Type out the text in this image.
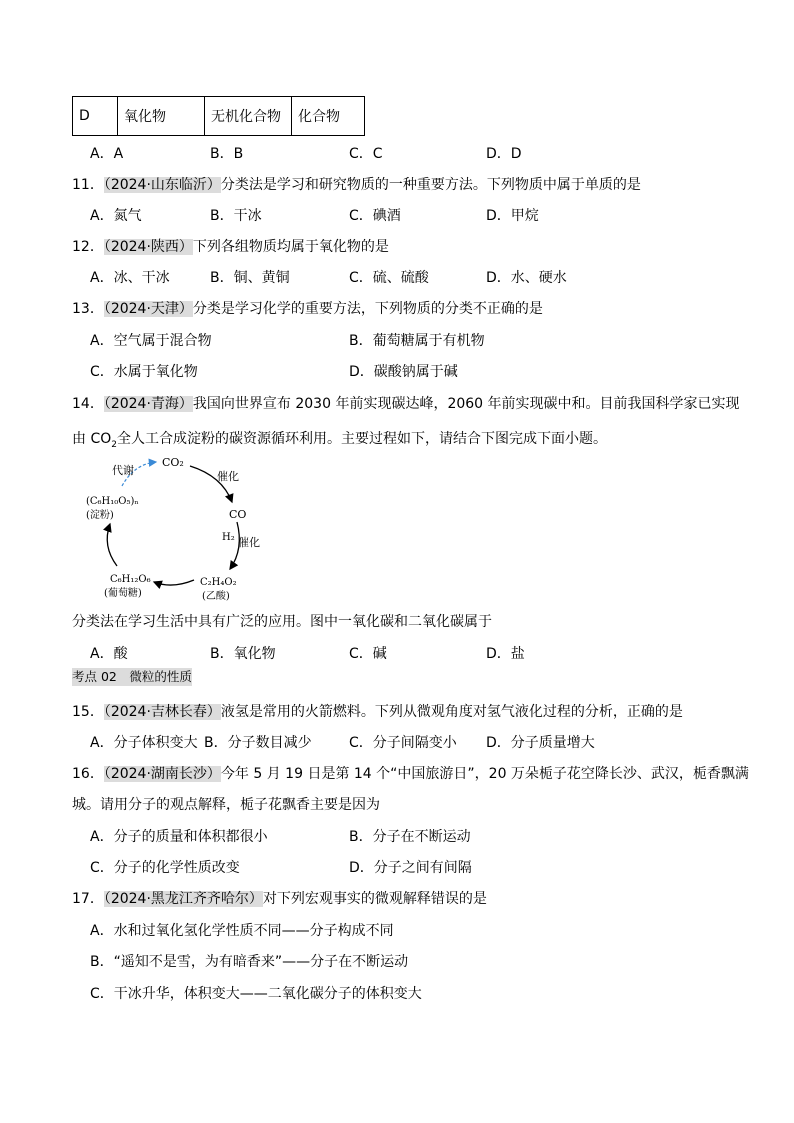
D	氧化物	无机化合物	化合物
A．A	B．B	C．C	D．D
11．（2024·山东临沂）分类法是学习和研究物质的一种重要方法。下列物质中属于单质的是
A．氮气	B．干冰	C．碘酒	D．甲烷
12．（2024·陕西）下列各组物质均属于氧化物的是
A．冰、干冰	B．铜、黄铜	C．硫、硫酸	D．水、硬水
13．（2024·天津）分类是学习化学的重要方法，下列物质的分类不正确的是
A．空气属于混合物	B．葡萄糖属于有机物
C．水属于氧化物	D．碳酸钠属于碱
14．（2024·青海）我国向世界宣布 2030 年前实现碳达峰，2060 年前实现碳中和。目前我国科学家已实现
由 $CO_2$全人工合成淀粉的碳资源循环利用。主要过程如下，请结合下图完成下面小题。
CO₂
代谢	催化
CO
H₂ 催化
C₂H₄O₂
(乙酸)
C₆H₁₂O₆
(葡萄糖)
(C₆H₁₀O₅)ₙ
(淀粉)
分类法在学习生活中具有广泛的应用。图中一氧化碳和二氧化碳属于
A．酸	B．氧化物	C．碱	D．盐
考点 02　微粒的性质
15．（2024·吉林长春）液氢是常用的火箭燃料。下列从微观角度对氢气液化过程的分析，正确的是
A．分子体积变大 B．分子数目减少	C．分子间隔变小 D．分子质量增大
16．（2024·湖南长沙）今年 5 月 19 日是第 14 个“中国旅游日”，20 万朵栀子花空降长沙、武汉，栀香飘满
城。请用分子的观点解释，栀子花飘香主要是因为
A．分子的质量和体积都很小	B．分子在不断运动
C．分子的化学性质改变	D．分子之间有间隔
17．（2024·黑龙江齐齐哈尔）对下列宏观事实的微观解释错误的是
A．水和过氧化氢化学性质不同——分子构成不同
B．“遥知不是雪，为有暗香来”——分子在不断运动
C．干冰升华，体积变大——二氧化碳分子的体积变大
